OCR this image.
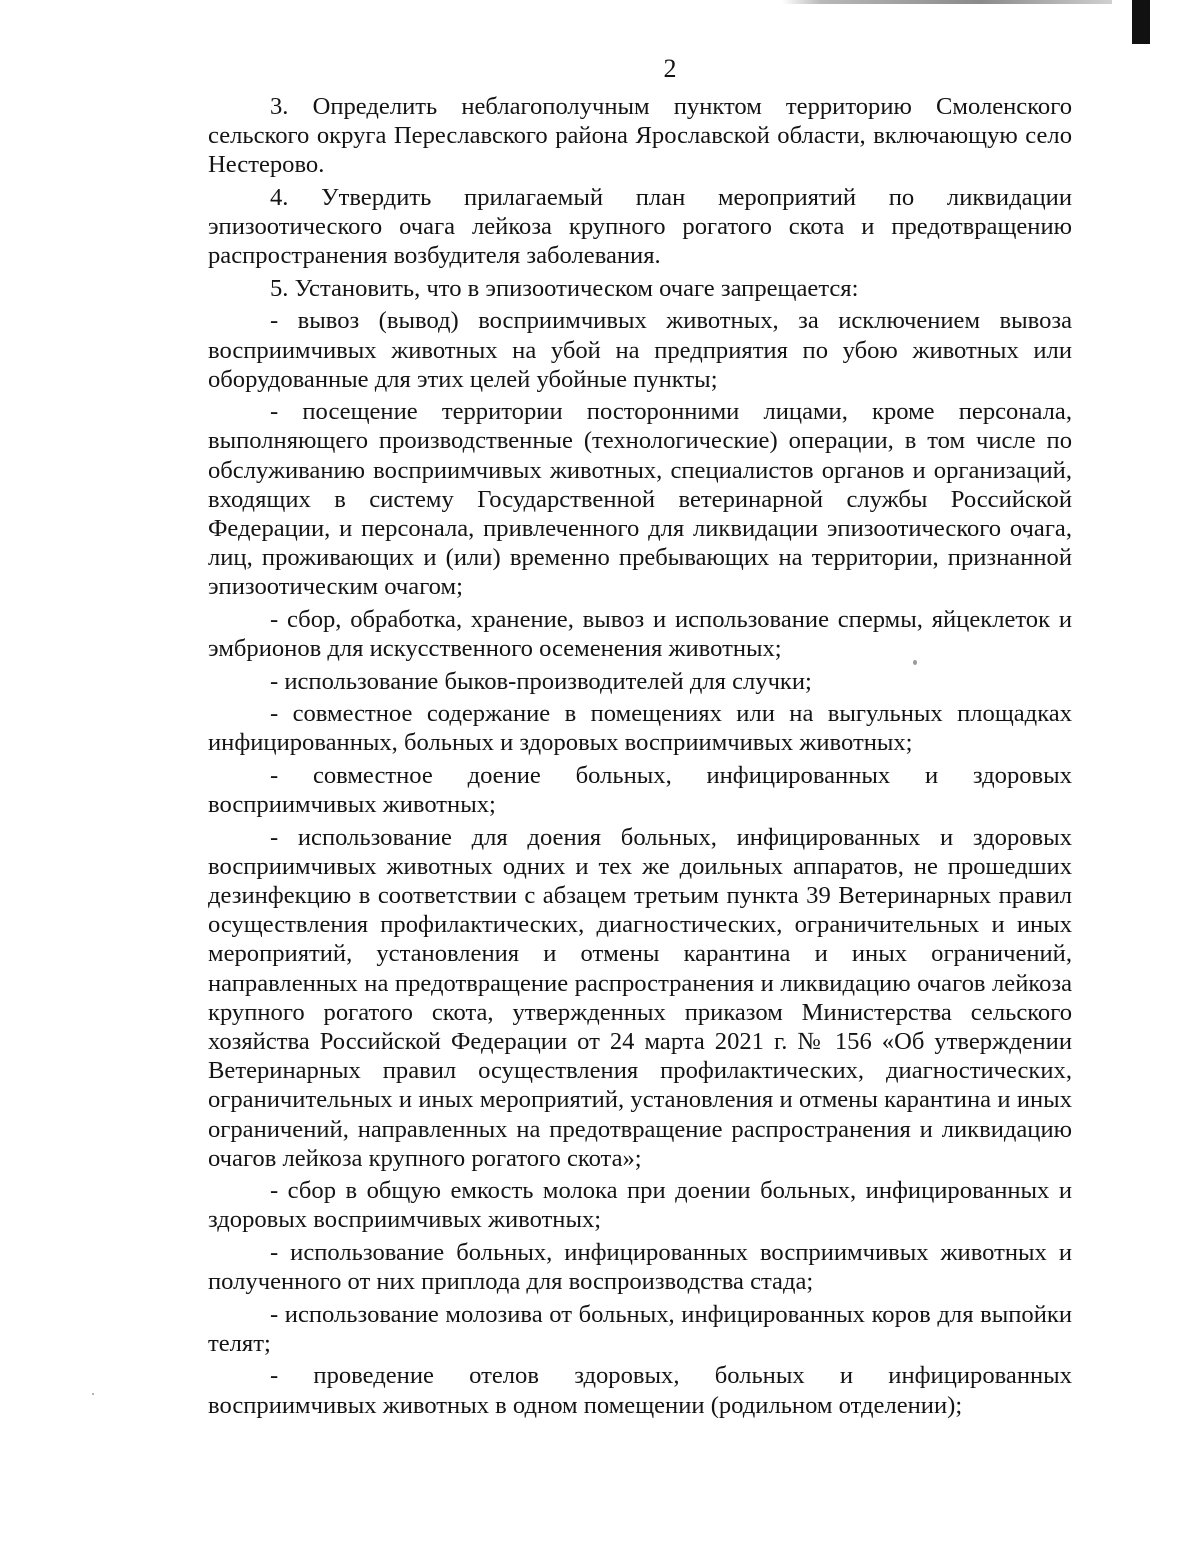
2

3. Определить неблагополучным пунктом территорию Смоленского сельского округа Переславского района Ярославской области, включающую село Нестерово.

4. Утвердить прилагаемый план мероприятий по ликвидации эпизоотического очага лейкоза крупного рогатого скота и предотвращению распространения возбудителя заболевания.

5. Установить, что в эпизоотическом очаге запрещается:

- вывоз (вывод) восприимчивых животных, за исключением вывоза восприимчивых животных на убой на предприятия по убою животных или оборудованные для этих целей убойные пункты;

- посещение территории посторонними лицами, кроме персонала, выполняющего производственные (технологические) операции, в том числе по обслуживанию восприимчивых животных, специалистов органов и организаций, входящих в систему Государственной ветеринарной службы Российской Федерации, и персонала, привлеченного для ликвидации эпизоотического очага, лиц, проживающих и (или) временно пребывающих на территории, признанной эпизоотическим очагом;

- сбор, обработка, хранение, вывоз и использование спермы, яйцеклеток и эмбрионов для искусственного осеменения животных;

- использование быков-производителей для случки;

- совместное содержание в помещениях или на выгульных площадках инфицированных, больных и здоровых восприимчивых животных;

- совместное доение больных, инфицированных и здоровых восприимчивых животных;

- использование для доения больных, инфицированных и здоровых восприимчивых животных одних и тех же доильных аппаратов, не прошедших дезинфекцию в соответствии с абзацем третьим пункта 39 Ветеринарных правил осуществления профилактических, диагностических, ограничительных и иных мероприятий, установления и отмены карантина и иных ограничений, направленных на предотвращение распространения и ликвидацию очагов лейкоза крупного рогатого скота, утвержденных приказом Министерства сельского хозяйства Российской Федерации от 24 марта 2021 г. № 156 «Об утверждении Ветеринарных правил осуществления профилактических, диагностических, ограничительных и иных мероприятий, установления и отмены карантина и иных ограничений, направленных на предотвращение распространения и ликвидацию очагов лейкоза крупного рогатого скота»;

- сбор в общую емкость молока при доении больных, инфицированных и здоровых восприимчивых животных;

- использование больных, инфицированных восприимчивых животных и полученного от них приплода для воспроизводства стада;

- использование молозива от больных, инфицированных коров для выпойки телят;

- проведение отелов здоровых, больных и инфицированных восприимчивых животных в одном помещении (родильном отделении);
